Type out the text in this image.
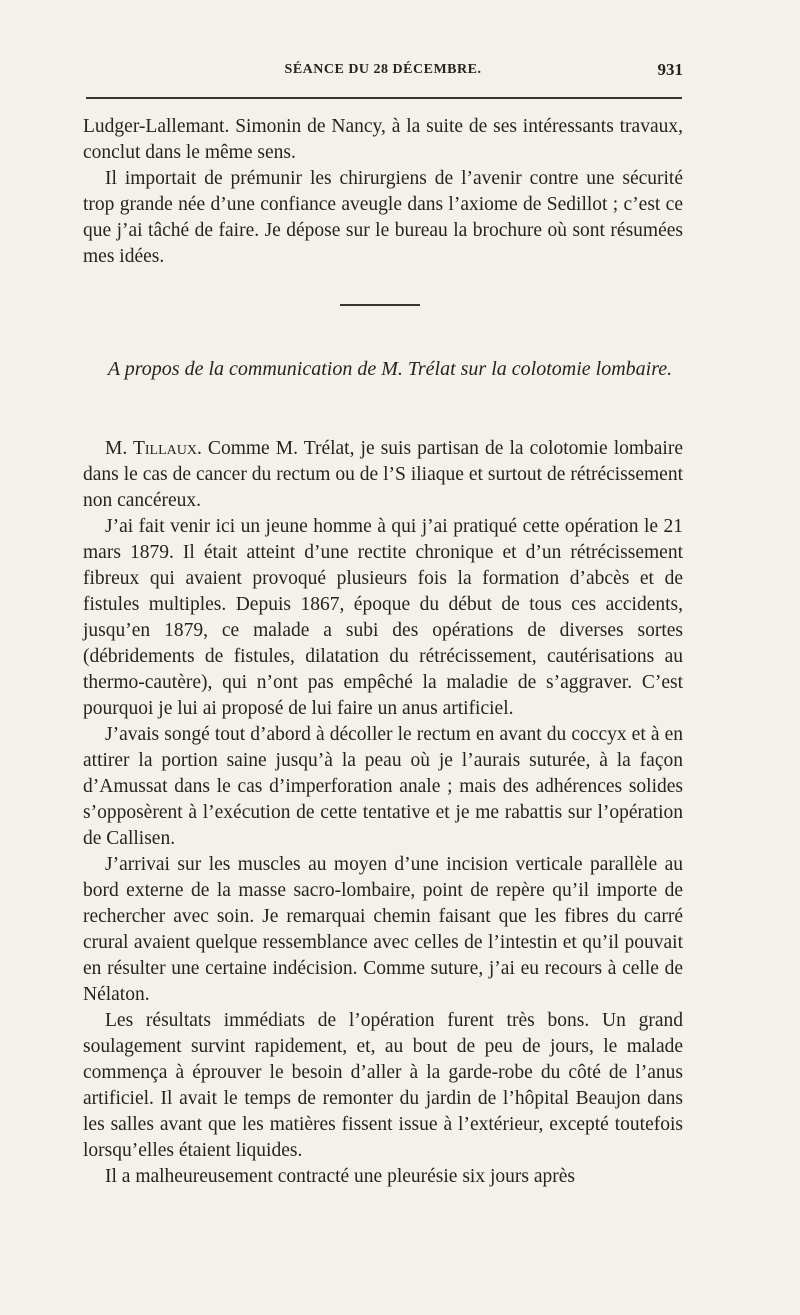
SÉANCE DU 28 DÉCEMBRE.	931

Ludger-Lallemant. Simonin de Nancy, à la suite de ses intéressants travaux, conclut dans le même sens.

Il importait de prémunir les chirurgiens de l’avenir contre une sécurité trop grande née d’une confiance aveugle dans l’axiome de Sedillot ; c’est ce que j’ai tâché de faire. Je dépose sur le bureau la brochure où sont résumées mes idées.

A propos de la communication de M. Trélat sur la colotomie lombaire.

M. Tillaux. Comme M. Trélat, je suis partisan de la colotomie lombaire dans le cas de cancer du rectum ou de l’S iliaque et surtout de rétrécissement non cancéreux.

J’ai fait venir ici un jeune homme à qui j’ai pratiqué cette opération le 21 mars 1879. Il était atteint d’une rectite chronique et d’un rétrécissement fibreux qui avaient provoqué plusieurs fois la formation d’abcès et de fistules multiples. Depuis 1867, époque du début de tous ces accidents, jusqu’en 1879, ce malade a subi des opérations de diverses sortes (débridements de fistules, dilatation du rétrécissement, cautérisations au thermo-cautère), qui n’ont pas empêché la maladie de s’aggraver. C’est pourquoi je lui ai proposé de lui faire un anus artificiel.

J’avais songé tout d’abord à décoller le rectum en avant du coccyx et à en attirer la portion saine jusqu’à la peau où je l’aurais suturée, à la façon d’Amussat dans le cas d’imperforation anale ; mais des adhérences solides s’opposèrent à l’exécution de cette tentative et je me rabattis sur l’opération de Callisen.

J’arrivai sur les muscles au moyen d’une incision verticale parallèle au bord externe de la masse sacro-lombaire, point de repère qu’il importe de rechercher avec soin. Je remarquai chemin faisant que les fibres du carré crural avaient quelque ressemblance avec celles de l’intestin et qu’il pouvait en résulter une certaine indécision. Comme suture, j’ai eu recours à celle de Nélaton.

Les résultats immédiats de l’opération furent très bons. Un grand soulagement survint rapidement, et, au bout de peu de jours, le malade commença à éprouver le besoin d’aller à la garde-robe du côté de l’anus artificiel. Il avait le temps de remonter du jardin de l’hôpital Beaujon dans les salles avant que les matières fissent issue à l’extérieur, excepté toutefois lorsqu’elles étaient liquides.

Il a malheureusement contracté une pleurésie six jours après
